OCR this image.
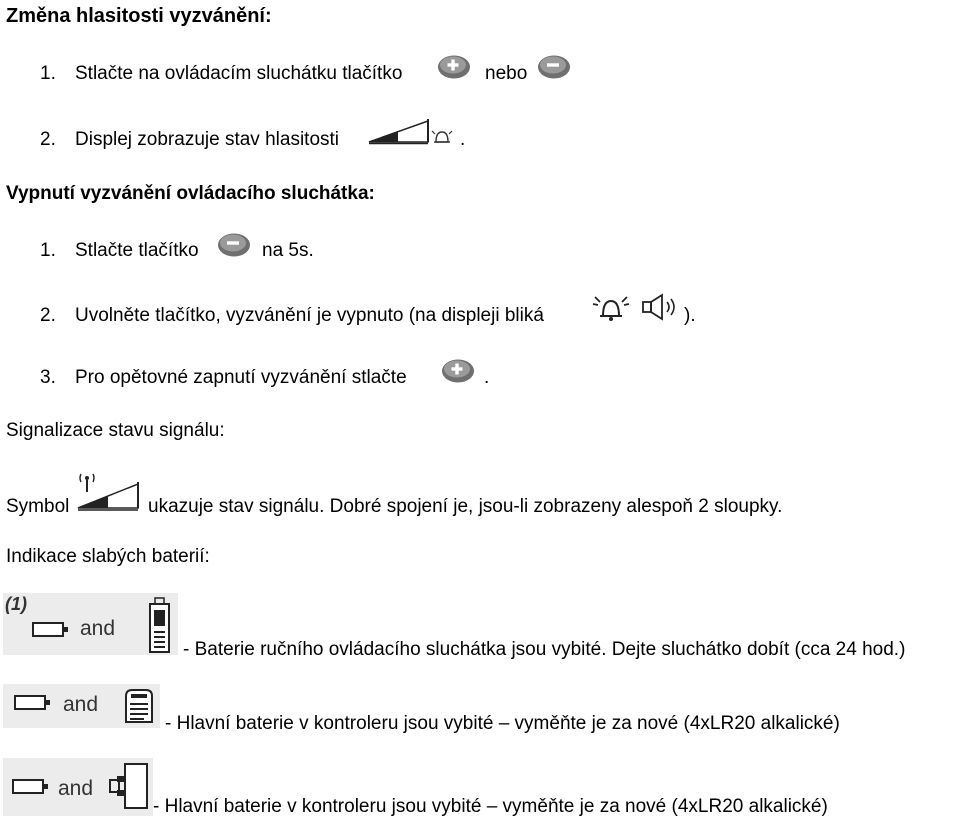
Změna hlasitosti vyzvánění:
1. Stlačte na ovládacím sluchátku tlačítko	nebo
2. Displej zobrazuje stav hlasitosti	.
Vypnutí vyzvánění ovládacího sluchátka:
1. Stlačte tlačítko	na 5s.
2. Uvolněte tlačítko, vyzvánění je vypnuto (na displeji bliká	).
3. Pro opětovné zapnutí vyzvánění stlačte	.
Signalizace stavu signálu:
Symbol	ukazuje stav signálu. Dobré spojení je, jsou-li zobrazeny alespoň 2 sloupky.
Indikace slabých baterií:
(1)
and
- Baterie ručního ovládacího sluchátka jsou vybité. Dejte sluchátko dobít (cca 24 hod.)
and
- Hlavní baterie v kontroleru jsou vybité – vyměňte je za nové (4xLR20 alkalické)
and
- Hlavní baterie v kontroleru jsou vybité – vyměňte je za nové (4xLR20 alkalické)
